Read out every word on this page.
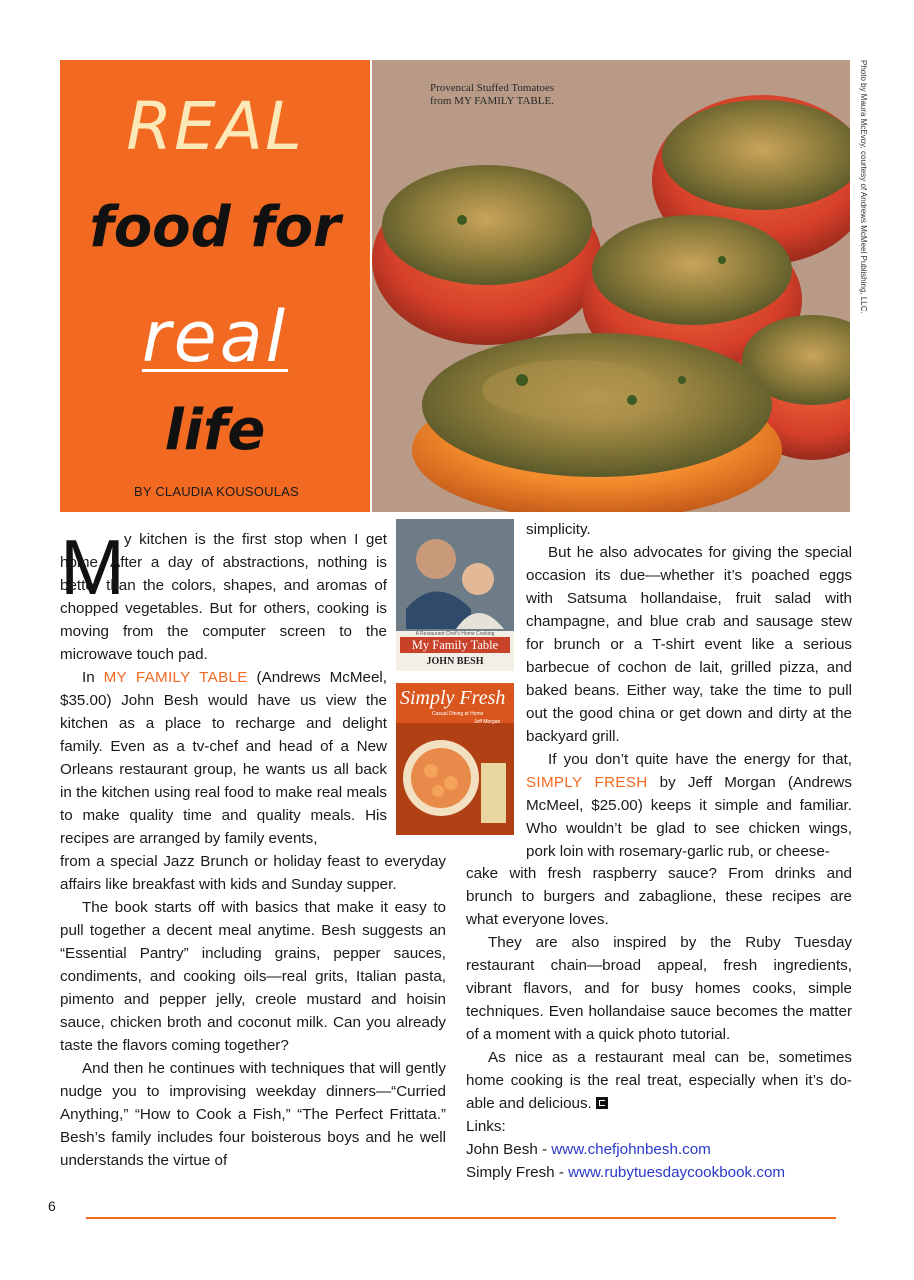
REAL
food for
real
life
BY CLAUDIA KOUSOULAS
Provencal Stuffed Tomatoes
from MY FAMILY TABLE.	Photo by Maura McEvoy, courtesy of Andrews McMeel Publishing, LLC.
A Restaurant Chef's Home Cooking
My Family Table
JOHN BESH
Simply Fresh
Casual Dining at Home
Jeff Morgan
M y kitchen is the first stop when I get home. After a day of abstractions, nothing is better than the colors, shapes, and aromas of chopped vegetables. But for others, cooking is moving from the computer screen to the microwave touch pad.

In MY FAMILY TABLE (Andrews McMeel, $35.00) John Besh would have us view the kitchen as a place to recharge and delight family. Even as a tv-chef and head of a New Orleans restaurant group, he wants us all back in the kitchen using real food to make real meals to make quality time and quality meals. His recipes are arranged by family events,

from a special Jazz Brunch or holiday feast to everyday affairs like breakfast with kids and Sunday supper.

The book starts off with basics that make it easy to pull together a decent meal anytime. Besh suggests an “Essential Pantry” including grains, pepper sauces, condiments, and cooking oils—real grits, Italian pasta, pimento and pepper jelly, creole mustard and hoisin sauce, chicken broth and coconut milk. Can you already taste the flavors coming together?

And then he continues with techniques that will gently nudge you to improvising weekday dinners—“Curried Anything,” “How to Cook a Fish,” “The Perfect Frittata.” Besh’s family includes four boisterous boys and he well understands the virtue of

simplicity.

But he also advocates for giving the special occasion its due—whether it’s poached eggs with Satsuma hollandaise, fruit salad with champagne, and blue crab and sausage stew for brunch or a T-shirt event like a serious barbecue of cochon de lait, grilled pizza, and baked beans. Either way, take the time to pull out the good china or get down and dirty at the backyard grill.

If you don’t quite have the energy for that, SIMPLY FRESH by Jeff Morgan (Andrews McMeel, $25.00) keeps it simple and familiar. Who wouldn’t be glad to see chicken wings, pork loin with rosemary-garlic rub, or cheese-

cake with fresh raspberry sauce? From drinks and brunch to burgers and zabaglione, these recipes are what everyone loves.

They are also inspired by the Ruby Tuesday restaurant chain—broad appeal, fresh ingredients, vibrant flavors, and for busy homes cooks, simple techniques. Even hollandaise sauce becomes the matter of a moment with a quick photo tutorial.

As nice as a restaurant meal can be, sometimes home cooking is the real treat, especially when it’s do-able and delicious.

Links:

John Besh - www.chefjohnbesh.com

Simply Fresh - www.rubytuesdaycookbook.com

6
